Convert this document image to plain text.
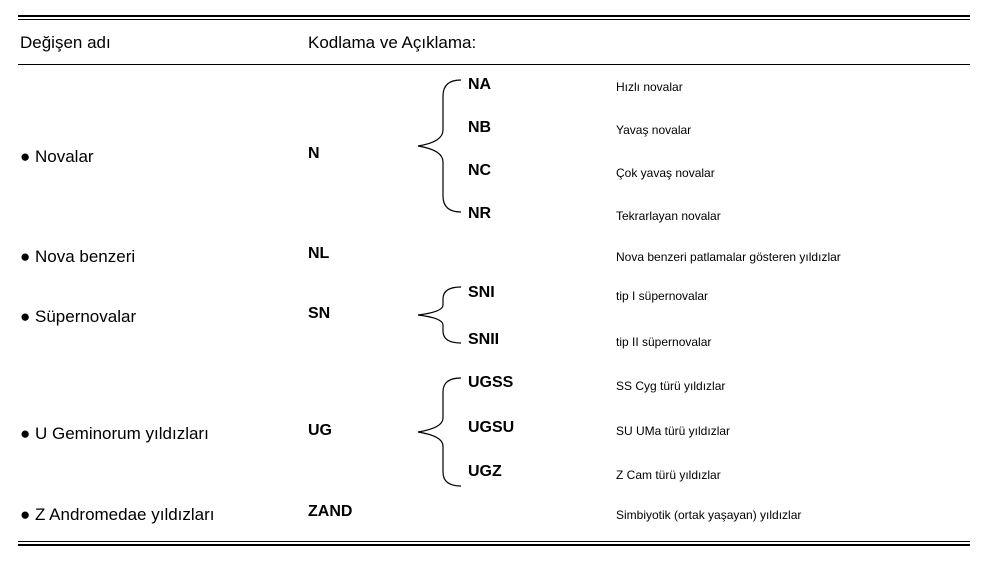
Değişen adı	Kodlama ve Açıklama:
● Novalar	N
NA	Hızlı novalar
NB	Yavaş novalar
NC	Çok yavaş novalar
NR	Tekrarlayan novalar
● Nova benzeri	NL	Nova benzeri patlamalar gösteren yıldızlar
● Süpernovalar	SN
SNI	tip I süpernovalar
SNII	tip II süpernovalar
● U Geminorum yıldızları	UG
UGSS	SS Cyg türü yıldızlar
UGSU	SU UMa türü yıldızlar
UGZ	Z Cam türü yıldızlar
● Z Andromedae yıldızları	ZAND	Simbiyotik (ortak yaşayan) yıldızlar
